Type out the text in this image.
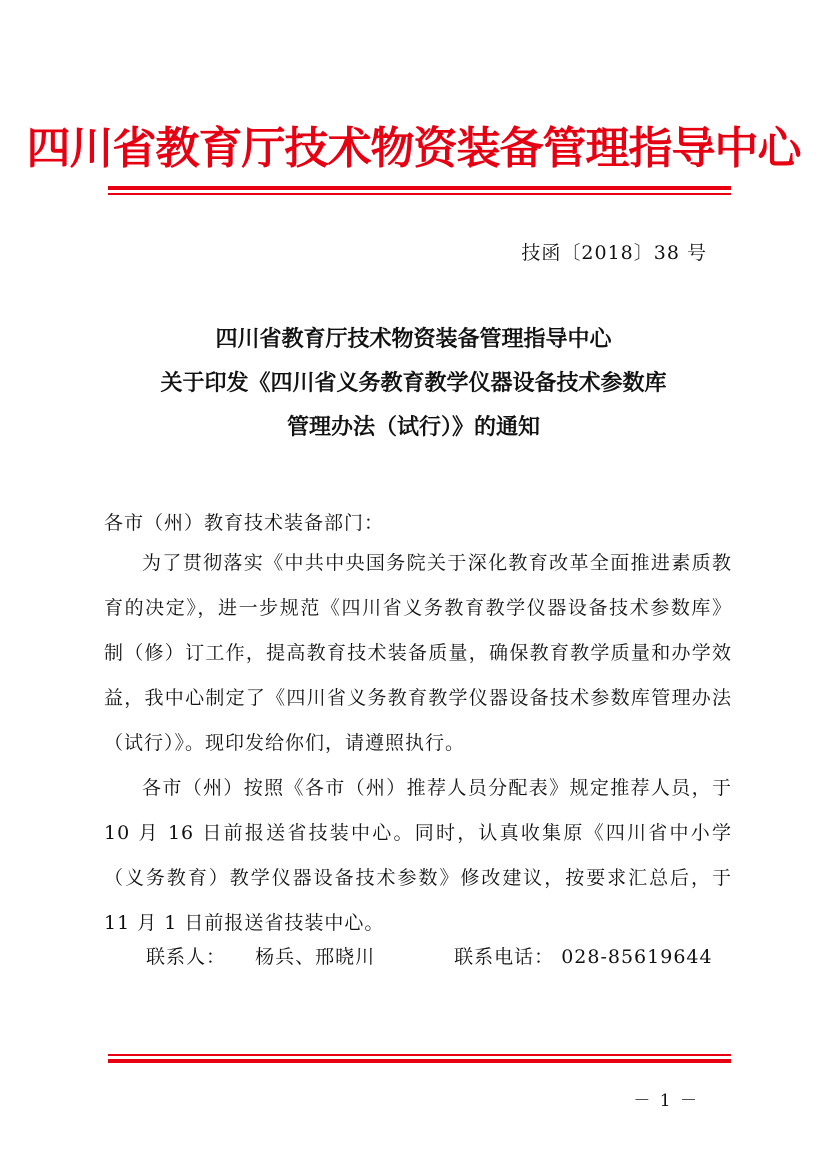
四川省教育厅技术物资装备管理指导中心
技函〔2018〕38 号
四川省教育厅技术物资装备管理指导中心
关于印发《四川省义务教育教学仪器设备技术参数库
管理办法（试行）》的通知
各市（州）教育技术装备部门：
为了贯彻落实《中共中央国务院关于深化教育改革全面推进素质教育的决定》，进一步规范《四川省义务教育教学仪器设备技术参数库》制（修）订工作，提高教育技术装备质量，确保教育教学质量和办学效益，我中心制定了《四川省义务教育教学仪器设备技术参数库管理办法（试行）》。现印发给你们，请遵照执行。
各市（州）按照《各市（州）推荐人员分配表》规定推荐人员，于 10 月 16 日前报送省技装中心。同时，认真收集原《四川省中小学（义务教育）教学仪器设备技术参数》修改建议，按要求汇总后，于 11 月 1 日前报送省技装中心。
联系人： 杨兵、邢晓川	联系电话： 028-85619644
－ 1 －
